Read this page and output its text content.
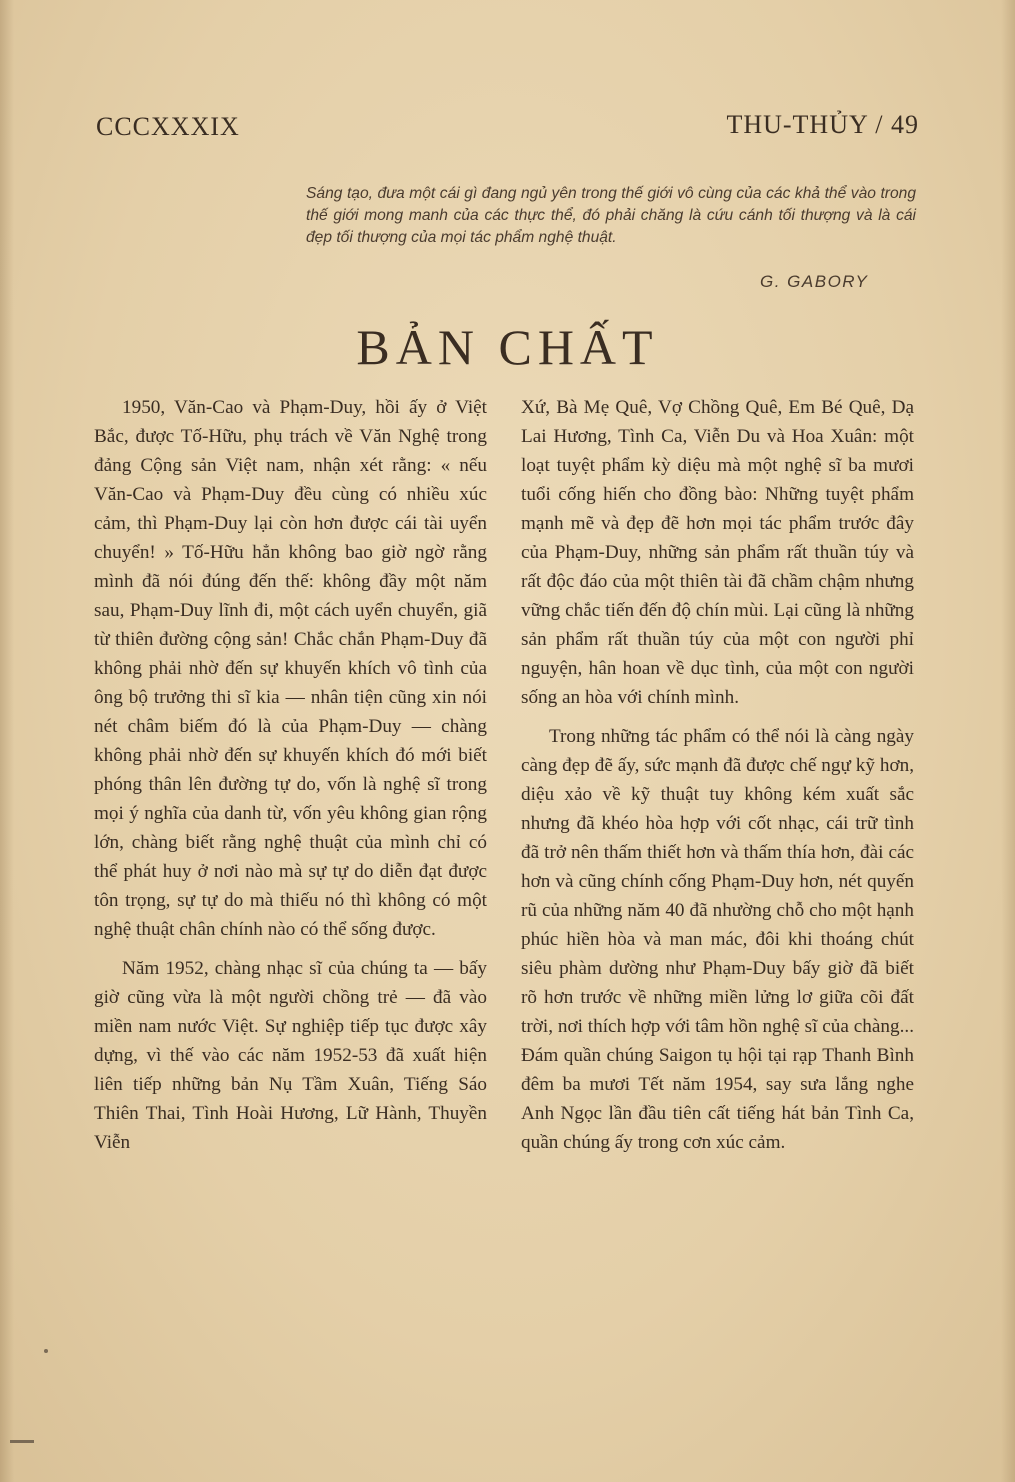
CCCXXXIX	THU-THỦY / 49
Sáng tạo, đưa một cái gì đang ngủ yên trong thế giới vô cùng của các khả thể vào trong thế giới mong manh của các thực thể, đó phải chăng là cứu cánh tối thượng và là cái đẹp tối thượng của mọi tác phẩm nghệ thuật.
G. GABORY
BẢN CHẤT

1950, Văn-Cao và Phạm-Duy, hồi ấy ở Việt Bắc, được Tố-Hữu, phụ trách về Văn Nghệ trong đảng Cộng sản Việt nam, nhận xét rằng: « nếu Văn-Cao và Phạm-Duy đều cùng có nhiều xúc cảm, thì Phạm-Duy lại còn hơn được cái tài uyển chuyển! » Tố-Hữu hẳn không bao giờ ngờ rằng mình đã nói đúng đến thế: không đầy một năm sau, Phạm-Duy lĩnh đi, một cách uyển chuyển, giã từ thiên đường cộng sản! Chắc chắn Phạm-Duy đã không phải nhờ đến sự khuyến khích vô tình của ông bộ trưởng thi sĩ kia — nhân tiện cũng xin nói nét châm biếm đó là của Phạm-Duy — chàng không phải nhờ đến sự khuyến khích đó mới biết phóng thân lên đường tự do, vốn là nghệ sĩ trong mọi ý nghĩa của danh từ, vốn yêu không gian rộng lớn, chàng biết rằng nghệ thuật của mình chỉ có thể phát huy ở nơi nào mà sự tự do diễn đạt được tôn trọng, sự tự do mà thiếu nó thì không có một nghệ thuật chân chính nào có thể sống được.

Năm 1952, chàng nhạc sĩ của chúng ta — bấy giờ cũng vừa là một người chồng trẻ — đã vào miền nam nước Việt. Sự nghiệp tiếp tục được xây dựng, vì thế vào các năm 1952-53 đã xuất hiện liên tiếp những bản Nụ Tầm Xuân, Tiếng Sáo Thiên Thai, Tình Hoài Hương, Lữ Hành, Thuyền Viễn

Xứ, Bà Mẹ Quê, Vợ Chồng Quê, Em Bé Quê, Dạ Lai Hương, Tình Ca, Viễn Du và Hoa Xuân: một loạt tuyệt phẩm kỳ diệu mà một nghệ sĩ ba mươi tuổi cống hiến cho đồng bào: Những tuyệt phẩm mạnh mẽ và đẹp đẽ hơn mọi tác phẩm trước đây của Phạm-Duy, những sản phẩm rất thuần túy và rất độc đáo của một thiên tài đã chầm chậm nhưng vững chắc tiến đến độ chín mùi. Lại cũng là những sản phẩm rất thuần túy của một con người phỉ nguyện, hân hoan về dục tình, của một con người sống an hòa với chính mình.

Trong những tác phẩm có thể nói là càng ngày càng đẹp đẽ ấy, sức mạnh đã được chế ngự kỹ hơn, diệu xảo về kỹ thuật tuy không kém xuất sắc nhưng đã khéo hòa hợp với cốt nhạc, cái trữ tình đã trở nên thấm thiết hơn và thấm thía hơn, đài các hơn và cũng chính cống Phạm-Duy hơn, nét quyến rũ của những năm 40 đã nhường chỗ cho một hạnh phúc hiền hòa và man mác, đôi khi thoáng chút siêu phàm dường như Phạm-Duy bấy giờ đã biết rõ hơn trước về những miền lửng lơ giữa cõi đất trời, nơi thích hợp với tâm hồn nghệ sĩ của chàng... Đám quần chúng Saigon tụ hội tại rạp Thanh Bình đêm ba mươi Tết năm 1954, say sưa lắng nghe Anh Ngọc lần đầu tiên cất tiếng hát bản Tình Ca, quần chúng ấy trong cơn xúc cảm.
